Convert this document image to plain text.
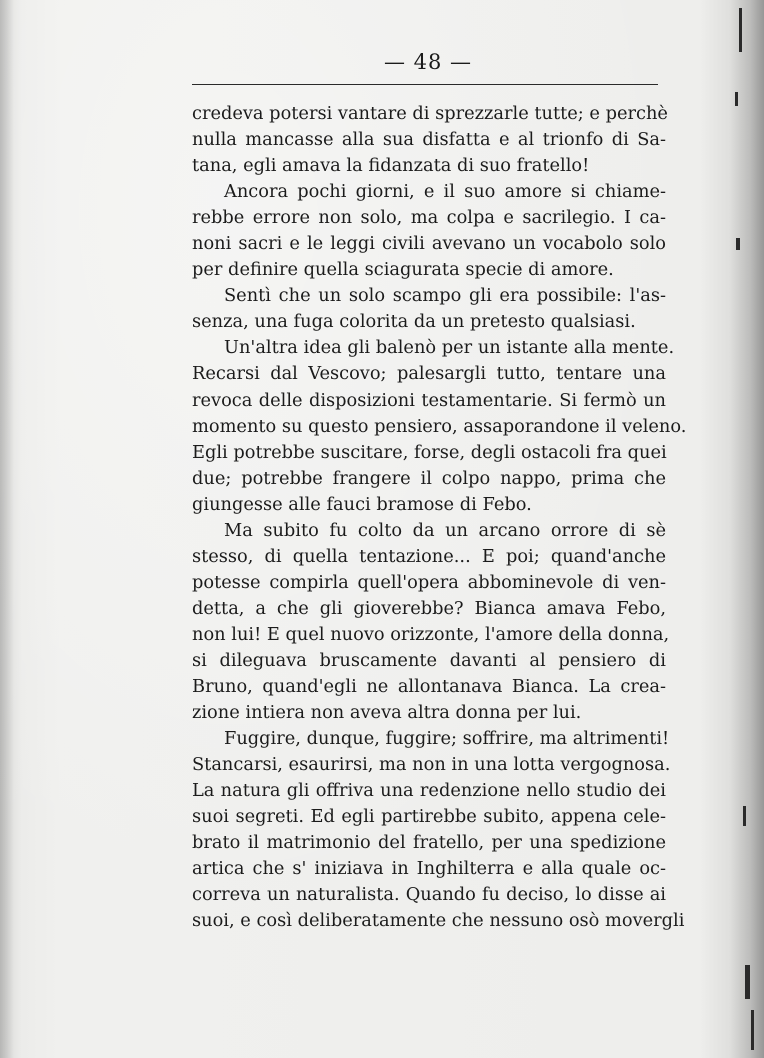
— 48 —
credeva potersi vantare di sprezzarle tutte; e perchè
nulla mancasse alla sua disfatta e al trionfo di Sa-
tana, egli amava la fidanzata di suo fratello!
Ancora pochi giorni, e il suo amore si chiame-
rebbe errore non solo, ma colpa e sacrilegio. I ca-
noni sacri e le leggi civili avevano un vocabolo solo
per definire quella sciagurata specie di amore.
Sentì che un solo scampo gli era possibile: l'as-
senza, una fuga colorita da un pretesto qualsiasi.
Un'altra idea gli balenò per un istante alla mente.
Recarsi dal Vescovo; palesargli tutto, tentare una
revoca delle disposizioni testamentarie. Si fermò un
momento su questo pensiero, assaporandone il veleno.
Egli potrebbe suscitare, forse, degli ostacoli fra quei
due; potrebbe frangere il colpo nappo, prima che
giungesse alle fauci bramose di Febo.
Ma subito fu colto da un arcano orrore di sè
stesso, di quella tentazione... E poi; quand'anche
potesse compirla quell'opera abbominevole di ven-
detta, a che gli gioverebbe? Bianca amava Febo,
non lui! E quel nuovo orizzonte, l'amore della donna,
si dileguava bruscamente davanti al pensiero di
Bruno, quand'egli ne allontanava Bianca. La crea-
zione intiera non aveva altra donna per lui.
Fuggire, dunque, fuggire; soffrire, ma altrimenti!
Stancarsi, esaurirsi, ma non in una lotta vergognosa.
La natura gli offriva una redenzione nello studio dei
suoi segreti. Ed egli partirebbe subito, appena cele-
brato il matrimonio del fratello, per una spedizione
artica che s' iniziava in Inghilterra e alla quale oc-
correva un naturalista. Quando fu deciso, lo disse ai
suoi, e così deliberatamente che nessuno osò movergli
